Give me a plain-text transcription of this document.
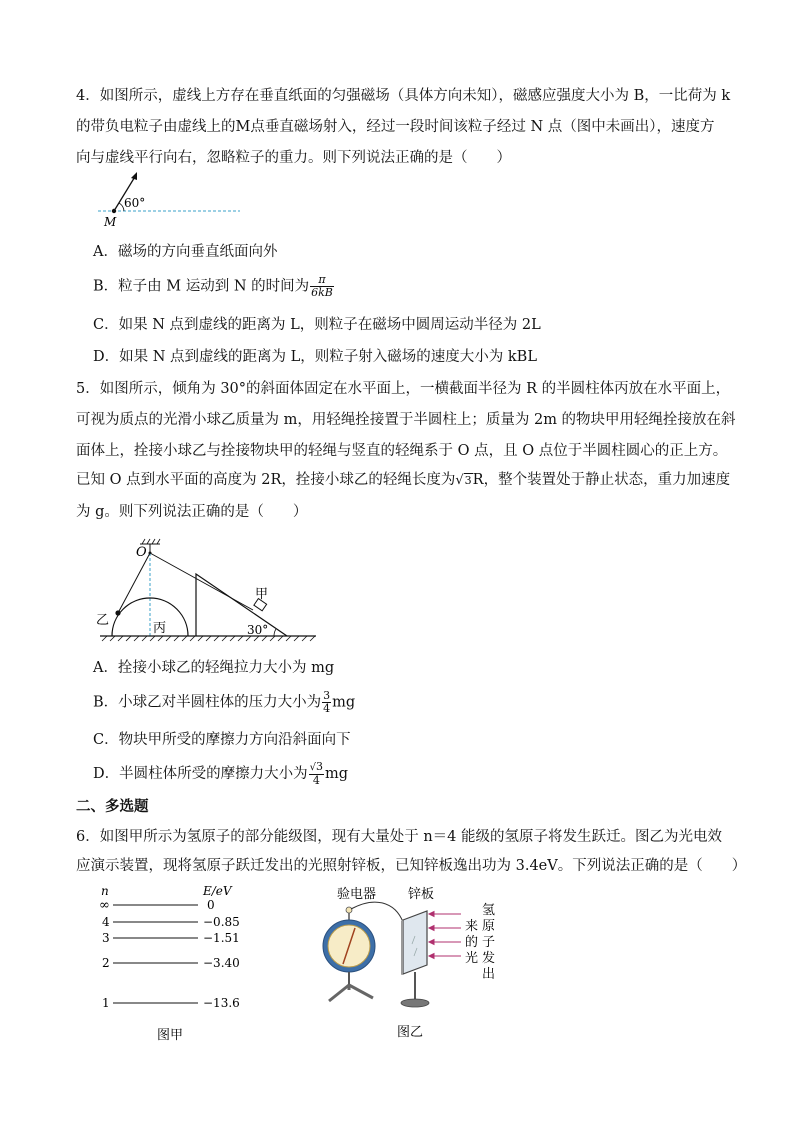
4．如图所示，虚线上方存在垂直纸面的匀强磁场（具体方向未知），磁感应强度大小为 B，一比荷为 k
的带负电粒子由虚线上的M点垂直磁场射入，经过一段时间该粒子经过 N 点（图中未画出），速度方
向与虚线平行向右，忽略粒子的重力。则下列说法正确的是（　　）
60°
M
A．磁场的方向垂直纸面向外
B．粒子由 M 运动到 N 的时间为 $\frac{\pi}{6kB}$
C．如果 N 点到虚线的距离为 L，则粒子在磁场中圆周运动半径为 2L
D．如果 N 点到虚线的距离为 L，则粒子射入磁场的速度大小为 kBL
5．如图所示，倾角为 30°的斜面体固定在水平面上，一横截面半径为 R 的半圆柱体丙放在水平面上，
可视为质点的光滑小球乙质量为 m，用轻绳拴接置于半圆柱上；质量为 2m 的物块甲用轻绳拴接放在斜
面体上，拴接小球乙与拴接物块甲的轻绳与竖直的轻绳系于 O 点，且 O 点位于半圆柱圆心的正上方。
已知 O 点到水平面的高度为 2R，拴接小球乙的轻绳长度为√3R，整个装置处于静止状态，重力加速度
为 g。则下列说法正确的是（　　）
O
乙
丙
甲
30°
A．拴接小球乙的轻绳拉力大小为 mg
B．小球乙对半圆柱体的压力大小为 $\frac{3}{4}$ mg
C．物块甲所受的摩擦力方向沿斜面向下
D．半圆柱体所受的摩擦力大小为 $\frac{√3}{4}$ mg
二、多选题
6．如图甲所示为氢原子的部分能级图，现有大量处于 n＝4 能级的氢原子将发生跃迁。图乙为光电效
应演示装置，现将氢原子跃迁发出的光照射锌板，已知锌板逸出功为 3.4eV。下列说法正确的是（　　）
n	E/eV
∞	0
4	−0.85
3	−1.51
2	−3.40
1	−13.6
图甲
验电器 锌板
来
的
光
氢
原
子
发
出
图乙
